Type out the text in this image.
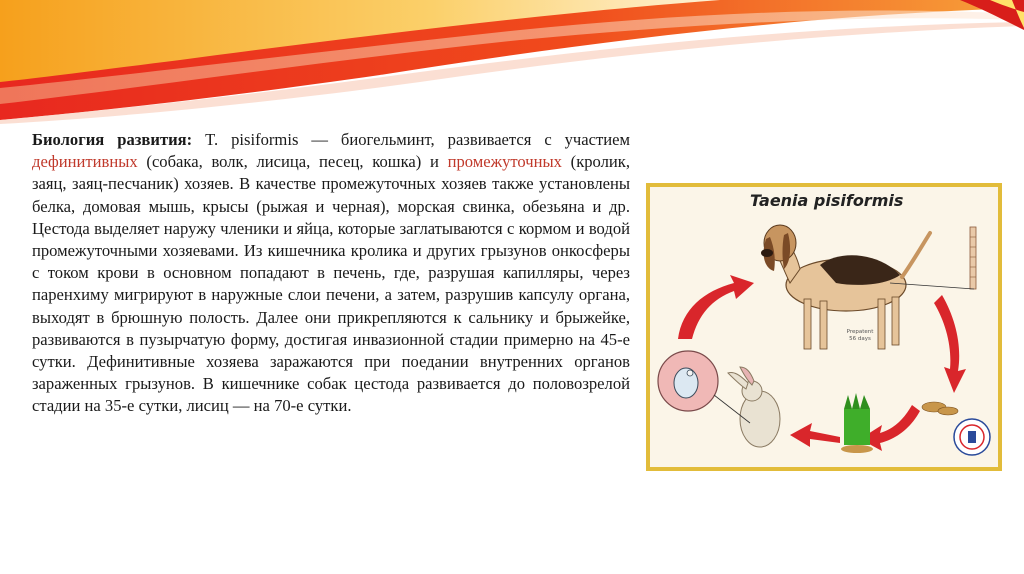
Биология развития: T. pisiformis — биогельминт, развивается с участием дефинитивных (собака, волк, лисица, песец, кошка) и промежуточных (кролик, заяц, заяц-песчаник) хозяев. В качестве промежуточных хозяев также установлены белка, домовая мышь, крысы (рыжая и черная), морская свинка, обезьяна и др. Цестода выделяет наружу членики и яйца, которые заглатываются с кормом и водой промежуточными хозяевами. Из кишечника кролика и других грызунов онкосферы с током крови в основном попадают в печень, где, разрушая капилляры, через паренхиму мигрируют в наружные слои печени, а затем, разрушив капсулу органа, выходят в брюшную полость. Далее они прикрепляются к сальнику и брыжейке, развиваются в пузырчатую форму, достигая инвазионной стадии примерно на 45-е сутки. Дефинитивные хозяева заражаются при поедании внутренних органов зараженных грызунов. В кишечнике собак цестода развивается до половозрелой стадии на 35-е сутки, лисиц — на 70-е сутки.

Taenia pisiformis
Prepatent
56 days
